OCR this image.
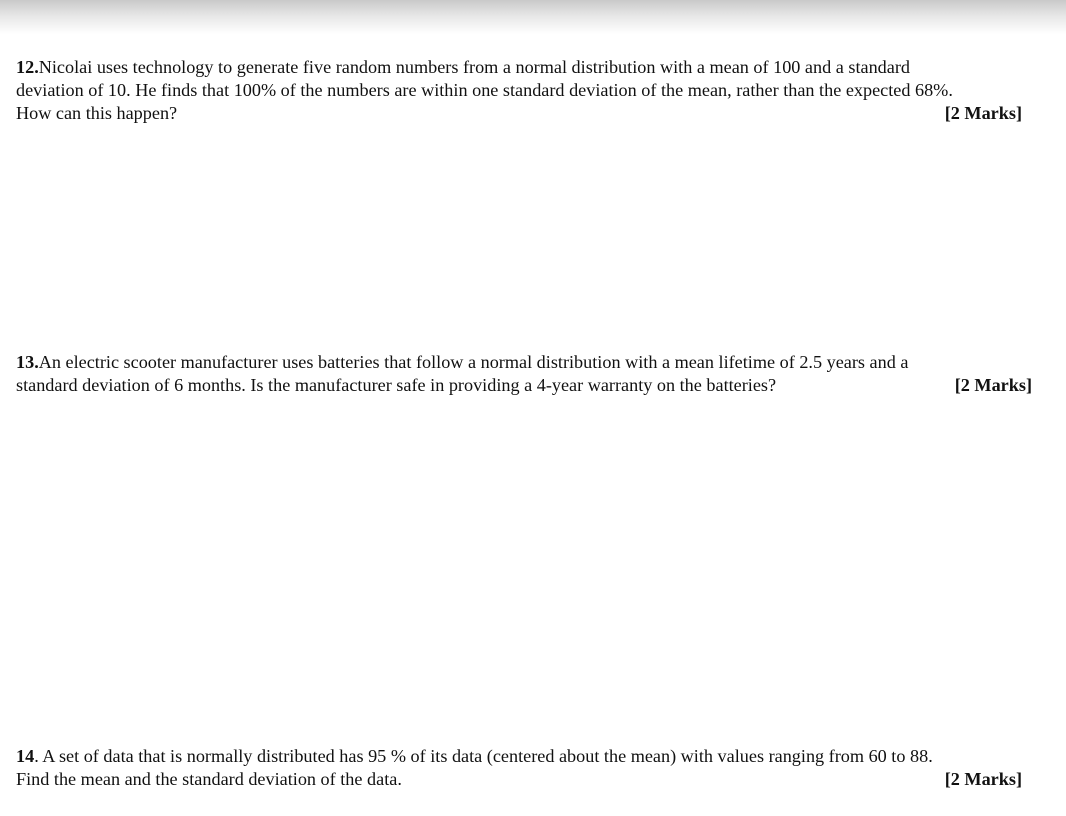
12.Nicolai uses technology to generate five random numbers from a normal distribution with a mean of 100 and a standard
deviation of 10. He finds that 100% of the numbers are within one standard deviation of the mean, rather than the expected 68%.
How can this happen?	[2 Marks]
13.An electric scooter manufacturer uses batteries that follow a normal distribution with a mean lifetime of 2.5 years and a
standard deviation of 6 months. Is the manufacturer safe in providing a 4-year warranty on the batteries?	[2 Marks]
14. A set of data that is normally distributed has 95 % of its data (centered about the mean) with values ranging from 60 to 88.
Find the mean and the standard deviation of the data.	[2 Marks]
